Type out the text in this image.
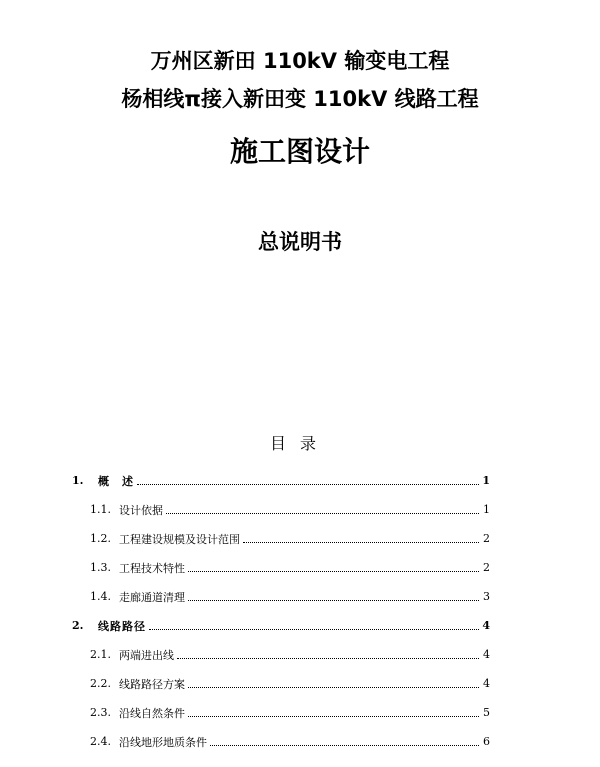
万州区新田 110kV 输变电工程
杨相线π接入新田变 110kV 线路工程
施工图设计
总说明书
目录
1.	概　述	1
1.1. 设计依据	1
1.2. 工程建设规模及设计范围	2
1.3. 工程技术特性	2
1.4. 走廊通道清理	3
2.	线路路径	4
2.1. 两端进出线	4
2.2. 线路路径方案	4
2.3. 沿线自然条件	5
2.4. 沿线地形地质条件	6
